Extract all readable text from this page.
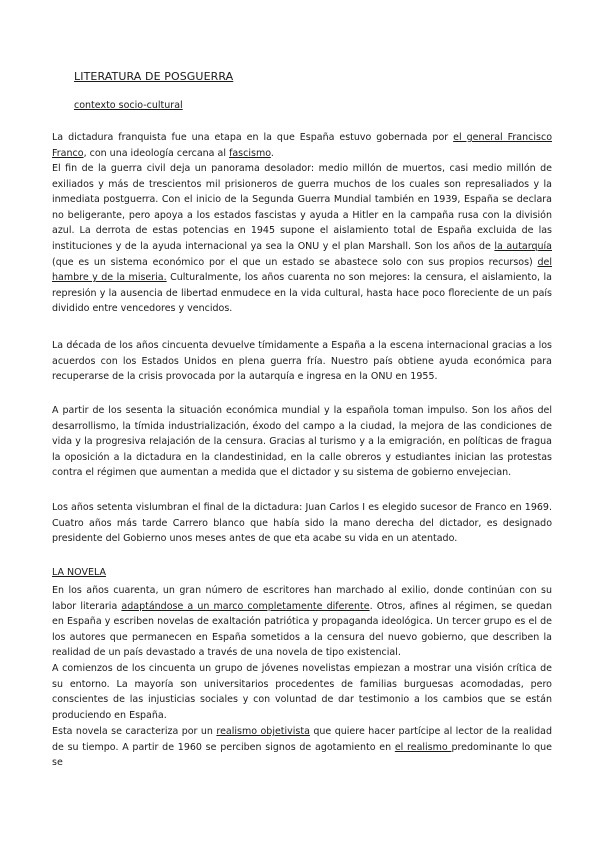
LITERATURA DE POSGUERRA
contexto socio-cultural

La dictadura franquista fue una etapa en la que España estuvo gobernada por el general Francisco Franco, con una ideología cercana al fascismo.

El fin de la guerra civil deja un panorama desolador: medio millón de muertos, casi medio millón de exiliados y más de trescientos mil prisioneros de guerra muchos de los cuales son represaliados y la inmediata postguerra. Con el inicio de la Segunda Guerra Mundial también en 1939, España se declara no beligerante, pero apoya a los estados fascistas y ayuda a Hitler en la campaña rusa con la división azul. La derrota de estas potencias en 1945 supone el aislamiento total de España excluida de las instituciones y de la ayuda internacional ya sea la ONU y el plan Marshall. Son los años de la autarquía (que es un sistema económico por el que un estado se abastece solo con sus propios recursos) del hambre y de la miseria. Culturalmente, los años cuarenta no son mejores: la censura, el aislamiento, la represión y la ausencia de libertad enmudece en la vida cultural, hasta hace poco floreciente de un país dividido entre vencedores y vencidos.

La década de los años cincuenta devuelve tímidamente a España a la escena internacional gracias a los acuerdos con los Estados Unidos en plena guerra fría. Nuestro país obtiene ayuda económica para recuperarse de la crisis provocada por la autarquía e ingresa en la ONU en 1955.

A partir de los sesenta la situación económica mundial y la española toman impulso. Son los años del desarrollismo, la tímida industrialización, éxodo del campo a la ciudad, la mejora de las condiciones de vida y la progresiva relajación de la censura. Gracias al turismo y a la emigración, en políticas de fragua la oposición a la dictadura en la clandestinidad, en la calle obreros y estudiantes inician las protestas contra el régimen que aumentan a medida que el dictador y su sistema de gobierno envejecian.

Los años setenta vislumbran el final de la dictadura: Juan Carlos I es elegido sucesor de Franco en 1969. Cuatro años más tarde Carrero blanco que había sido la mano derecha del dictador, es designado presidente del Gobierno unos meses antes de que eta acabe su vida en un atentado.

LA NOVELA

En los años cuarenta, un gran número de escritores han marchado al exilio, donde continúan con su labor literaria adaptándose a un marco completamente diferente. Otros, afines al régimen, se quedan en España y escriben novelas de exaltación patriótica y propaganda ideológica. Un tercer grupo es el de los autores que permanecen en España sometidos a la censura del nuevo gobierno, que describen la realidad de un país devastado a través de una novela de tipo existencial.

A comienzos de los cincuenta un grupo de jóvenes novelistas empiezan a mostrar una visión crítica de su entorno. La mayoría son universitarios procedentes de familias burguesas acomodadas, pero conscientes de las injusticias sociales y con voluntad de dar testimonio a los cambios que se están produciendo en España.

Esta novela se caracteriza por un realismo objetivista que quiere hacer partícipe al lector de la realidad de su tiempo. A partir de 1960 se perciben signos de agotamiento en el realismo predominante lo que se
